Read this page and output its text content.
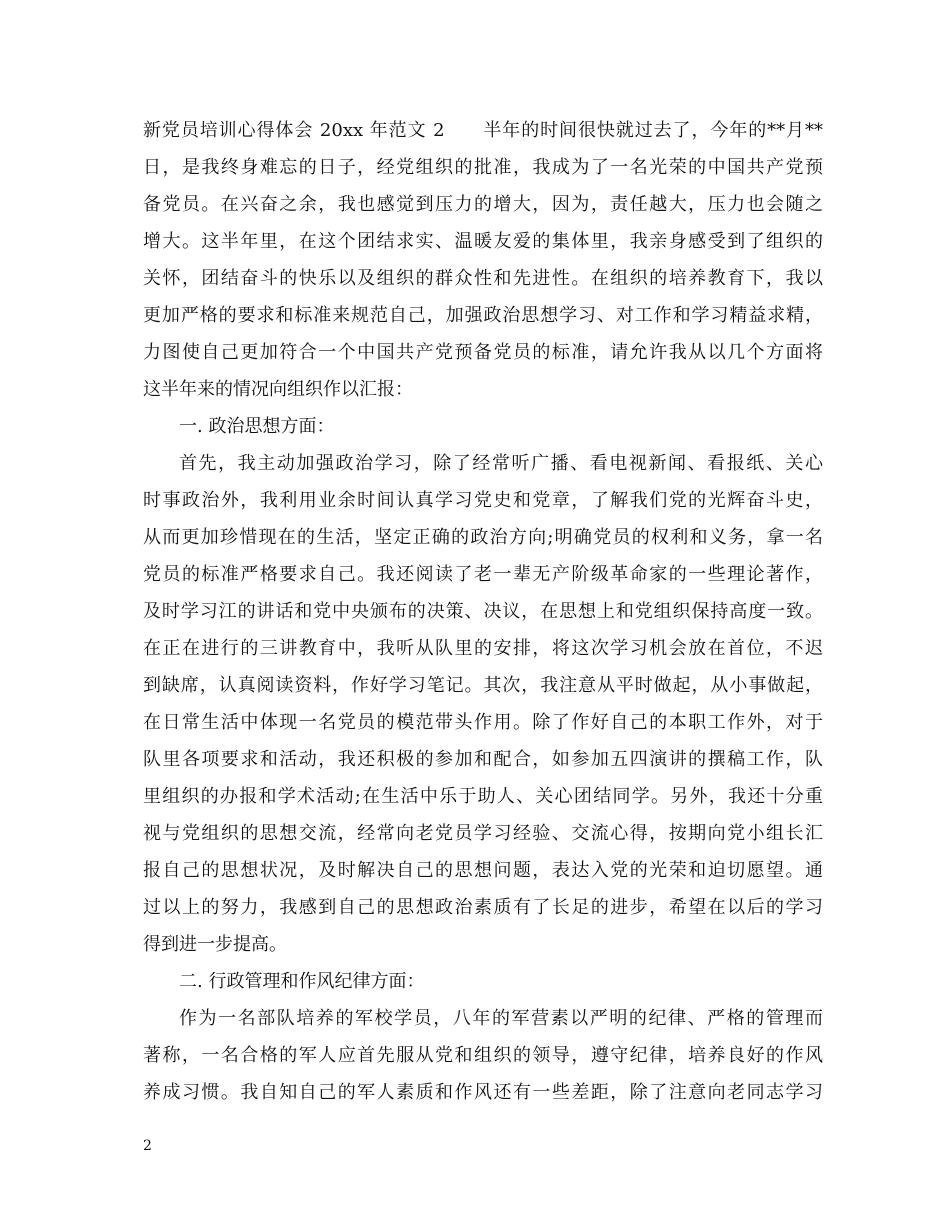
新党员培训心得体会 20xx 年范文 2　　半年的时间很快就过去了，今年的**月**
日，是我终身难忘的日子，经党组织的批准，我成为了一名光荣的中国共产党预
备党员。在兴奋之余，我也感觉到压力的增大，因为，责任越大，压力也会随之
增大。这半年里，在这个团结求实、温暖友爱的集体里，我亲身感受到了组织的
关怀，团结奋斗的快乐以及组织的群众性和先进性。在组织的培养教育下，我以
更加严格的要求和标准来规范自己，加强政治思想学习、对工作和学习精益求精，
力图使自己更加符合一个中国共产党预备党员的标准，请允许我从以几个方面将
这半年来的情况向组织作以汇报：
一. 政治思想方面：
首先，我主动加强政治学习，除了经常听广播、看电视新闻、看报纸、关心
时事政治外，我利用业余时间认真学习党史和党章，了解我们党的光辉奋斗史，
从而更加珍惜现在的生活，坚定正确的政治方向;明确党员的权利和义务，拿一名
党员的标准严格要求自己。我还阅读了老一辈无产阶级革命家的一些理论著作，
及时学习江的讲话和党中央颁布的决策、决议，在思想上和党组织保持高度一致。
在正在进行的三讲教育中，我听从队里的安排，将这次学习机会放在首位，不迟
到缺席，认真阅读资料，作好学习笔记。其次，我注意从平时做起，从小事做起，
在日常生活中体现一名党员的模范带头作用。除了作好自己的本职工作外，对于
队里各项要求和活动，我还积极的参加和配合，如参加五四演讲的撰稿工作，队
里组织的办报和学术活动;在生活中乐于助人、关心团结同学。另外，我还十分重
视与党组织的思想交流，经常向老党员学习经验、交流心得，按期向党小组长汇
报自己的思想状况，及时解决自己的思想问题，表达入党的光荣和迫切愿望。通
过以上的努力，我感到自己的思想政治素质有了长足的进步，希望在以后的学习
得到进一步提高。
二. 行政管理和作风纪律方面：
作为一名部队培养的军校学员，八年的军营素以严明的纪律、严格的管理而
著称，一名合格的军人应首先服从党和组织的领导，遵守纪律，培养良好的作风
养成习惯。我自知自己的军人素质和作风还有一些差距，除了注意向老同志学习
2
